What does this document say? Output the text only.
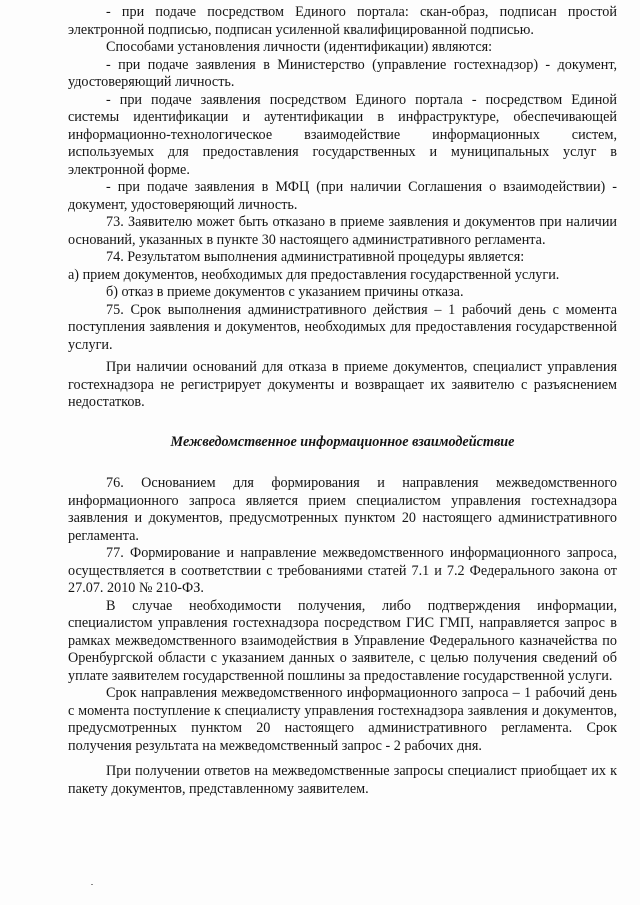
- при подаче посредством Единого портала: скан-образ, подписан простой электронной подписью, подписан усиленной квалифицированной подписью.

Способами установления личности (идентификации) являются:

- при подаче заявления в Министерство (управление гостехнадзор) - документ, удостоверяющий личность.

- при подаче заявления посредством Единого портала - посредством Единой системы идентификации и аутентификации в инфраструктуре, обеспечивающей информационно-технологическое взаимодействие информационных систем, используемых для предоставления государственных и муниципальных услуг в электронной форме.

- при подаче заявления в МФЦ (при наличии Соглашения о взаимодействии) - документ, удостоверяющий личность.

73. Заявителю может быть отказано в приеме заявления и документов при наличии оснований, указанных в пункте 30 настоящего административного регламента.

74. Результатом выполнения административной процедуры является:

а) прием документов, необходимых для предоставления государственной услуги.

б) отказ в приеме документов с указанием причины отказа.

75. Срок выполнения административного действия – 1 рабочий день с момента поступления заявления и документов, необходимых для предоставления государственной услуги.

При наличии оснований для отказа в приеме документов, специалист управления гостехнадзора не регистрирует документы и возвращает их заявителю с разъяснением недостатков.

Межведомственное информационное взаимодействие

76. Основанием для формирования и направления межведомственного информационного запроса является прием специалистом управления гостехнадзора заявления и документов, предусмотренных пунктом 20 настоящего административного регламента.

77. Формирование и направление межведомственного информационного запроса, осуществляется в соответствии с требованиями статей 7.1 и 7.2 Федерального закона от 27.07. 2010 № 210-ФЗ.

В случае необходимости получения, либо подтверждения информации, специалистом управления гостехнадзора посредством ГИС ГМП, направляется запрос в рамках межведомственного взаимодействия в Управление Федерального казначейства по Оренбургской области с указанием данных о заявителе, с целью получения сведений об уплате заявителем государственной пошлины за предоставление государственной услуги.

Срок направления межведомственного информационного запроса – 1 рабочий день с момента поступление к специалисту управления гостехнадзора заявления и документов, предусмотренных пунктом 20 настоящего административного регламента. Срок получения результата на межведомственный запрос - 2 рабочих дня.

При получении ответов на межведомственные запросы специалист приобщает их к пакету документов, представленному заявителем.
